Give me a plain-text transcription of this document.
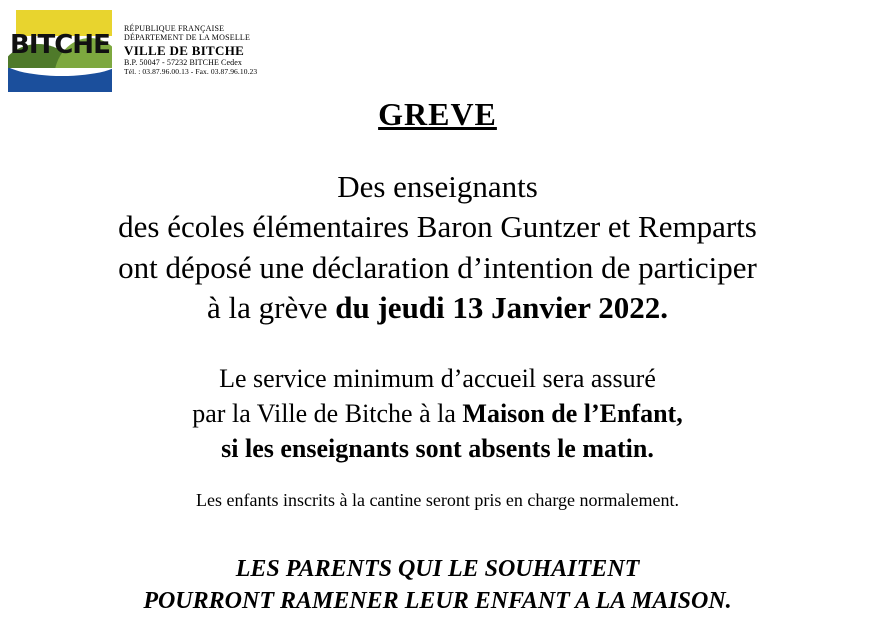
BITCHE
RÉPUBLIQUE FRANÇAISE
DÉPARTEMENT DE LA MOSELLE
VILLE DE BITCHE
B.P. 50047 - 57232 BITCHE Cedex
Tél. : 03.87.96.00.13 - Fax. 03.87.96.10.23
GREVE
Des enseignants
des écoles élémentaires Baron Guntzer et Remparts
ont déposé une déclaration d’intention de participer
à la grève du jeudi 13 Janvier 2022.
Le service minimum d’accueil sera assuré
par la Ville de Bitche à la Maison de l’Enfant,
si les enseignants sont absents le matin.
Les enfants inscrits à la cantine seront pris en charge normalement.
LES PARENTS QUI LE SOUHAITENT
POURRONT RAMENER LEUR ENFANT A LA MAISON.
